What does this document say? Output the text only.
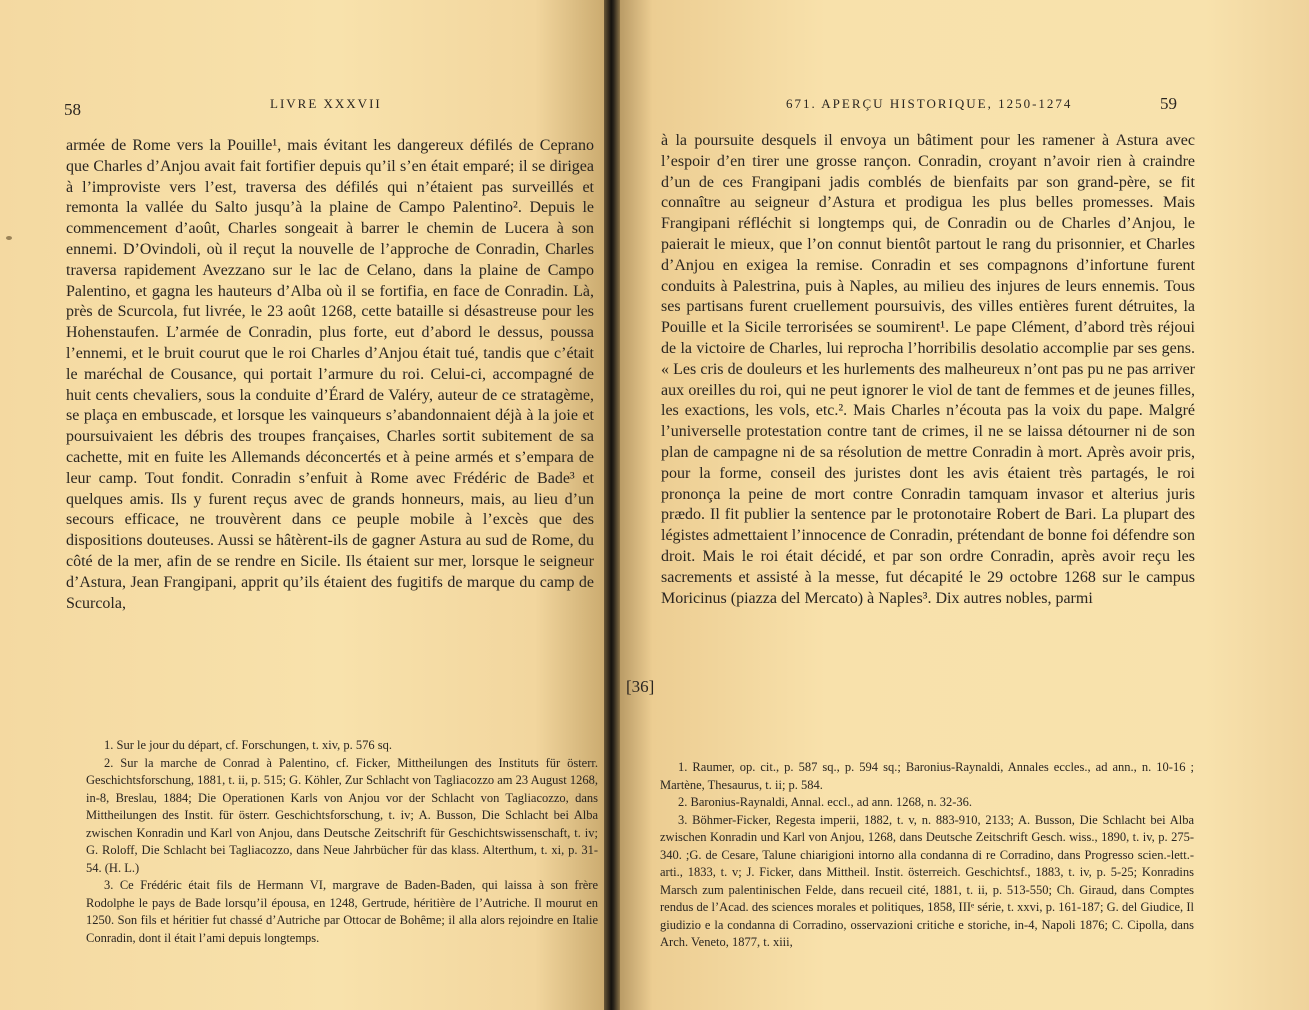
58	LIVRE XXXVII

armée de Rome vers la Pouille¹, mais évitant les dangereux défilés de Ceprano que Charles d’Anjou avait fait fortifier depuis qu’il s’en était emparé; il se dirigea à l’improviste vers l’est, traversa des défilés qui n’étaient pas surveillés et remonta la vallée du Salto jusqu’à la plaine de Campo Palentino². Depuis le commencement d’août, Charles songeait à barrer le chemin de Lucera à son ennemi. D’Ovindoli, où il reçut la nouvelle de l’approche de Conradin, Charles traversa rapidement Avezzano sur le lac de Celano, dans la plaine de Campo Palentino, et gagna les hauteurs d’Alba où il se fortifia, en face de Conradin. Là, près de Scurcola, fut livrée, le 23 août 1268, cette bataille si désastreuse pour les Hohenstaufen. L’armée de Conradin, plus forte, eut d’abord le dessus, poussa l’ennemi, et le bruit courut que le roi Charles d’Anjou était tué, tandis que c’était le maréchal de Cousance, qui portait l’armure du roi. Celui-ci, accompagné de huit cents chevaliers, sous la conduite d’Érard de Valéry, auteur de ce stratagème, se plaça en embuscade, et lorsque les vainqueurs s’abandonnaient déjà à la joie et poursuivaient les débris des troupes françaises, Charles sortit subitement de sa cachette, mit en fuite les Allemands déconcertés et à peine armés et s’empara de leur camp. Tout fondit. Conradin s’enfuit à Rome avec Frédéric de Bade³ et quelques amis. Ils y furent reçus avec de grands honneurs, mais, au lieu d’un secours efficace, ne trouvèrent dans ce peuple mobile à l’excès que des dispositions douteuses. Aussi se hâtèrent-ils de gagner Astura au sud de Rome, du côté de la mer, afin de se rendre en Sicile. Ils étaient sur mer, lorsque le seigneur d’Astura, Jean Frangipani, apprit qu’ils étaient des fugitifs de marque du camp de Scurcola,

1. Sur le jour du départ, cf. Forschungen, t. xiv, p. 576 sq.

2. Sur la marche de Conrad à Palentino, cf. Ficker, Mittheilungen des Instituts für österr. Geschichtsforschung, 1881, t. ii, p. 515; G. Köhler, Zur Schlacht von Tagliacozzo am 23 August 1268, in-8, Breslau, 1884; Die Operationen Karls von Anjou vor der Schlacht von Tagliacozzo, dans Mittheilungen des Instit. für österr. Geschichtsforschung, t. iv; A. Busson, Die Schlacht bei Alba zwischen Konradin und Karl von Anjou, dans Deutsche Zeitschrift für Geschichtswissenschaft, t. iv; G. Roloff, Die Schlacht bei Tagliacozzo, dans Neue Jahrbücher für das klass. Alterthum, t. xi, p. 31-54. (H. L.)

3. Ce Frédéric était fils de Hermann VI, margrave de Baden-Baden, qui laissa à son frère Rodolphe le pays de Bade lorsqu’il épousa, en 1248, Gertrude, héritière de l’Autriche. Il mourut en 1250. Son fils et héritier fut chassé d’Autriche par Ottocar de Bohême; il alla alors rejoindre en Italie Conradin, dont il était l’ami depuis longtemps.

671. APERÇU HISTORIQUE, 1250-1274	59

à la poursuite desquels il envoya un bâtiment pour les ramener à Astura avec l’espoir d’en tirer une grosse rançon. Conradin, croyant n’avoir rien à craindre d’un de ces Frangipani jadis comblés de bienfaits par son grand-père, se fit connaître au seigneur d’Astura et prodigua les plus belles promesses. Mais Frangipani réfléchit si longtemps qui, de Conradin ou de Charles d’Anjou, le paierait le mieux, que l’on connut bientôt partout le rang du prisonnier, et Charles d’Anjou en exigea la remise. Conradin et ses compagnons d’infortune furent conduits à Palestrina, puis à Naples, au milieu des injures de leurs ennemis. Tous ses partisans furent cruellement poursuivis, des villes entières furent détruites, la Pouille et la Sicile terrorisées se soumirent¹. Le pape Clément, d’abord très réjoui de la victoire de Charles, lui reprocha l’horribilis desolatio accomplie par ses gens. « Les cris de douleurs et les hurlements des malheureux n’ont pas pu ne pas arriver aux oreilles du roi, qui ne peut ignorer le viol de tant de femmes et de jeunes filles, les exactions, les vols, etc.². Mais Charles n’écouta pas la voix du pape. Malgré l’universelle protestation contre tant de crimes, il ne se laissa détourner ni de son plan de campagne ni de sa résolution de mettre Conradin à mort. Après avoir pris, pour la forme, conseil des juristes dont les avis étaient très partagés, le roi prononça la peine de mort contre Conradin tamquam invasor et alterius juris prædo. Il fit publier la sentence par le protonotaire Robert de Bari. La plupart des légistes admettaient l’innocence de Conradin, prétendant de bonne foi défendre son droit. Mais le roi était décidé, et par son ordre Conradin, après avoir reçu les sacrements et assisté à la messe, fut décapité le 29 octobre 1268 sur le campus Moricinus (piazza del Mercato) à Naples³. Dix autres nobles, parmi

1. Raumer, op. cit., p. 587 sq., p. 594 sq.; Baronius-Raynaldi, Annales eccles., ad ann., n. 10-16 ; Martène, Thesaurus, t. ii; p. 584.

2. Baronius-Raynaldi, Annal. eccl., ad ann. 1268, n. 32-36.

3. Böhmer-Ficker, Regesta imperii, 1882, t. v, n. 883-910, 2133; A. Busson, Die Schlacht bei Alba zwischen Konradin und Karl von Anjou, 1268, dans Deutsche Zeitschrift Gesch. wiss., 1890, t. iv, p. 275-340. ;G. de Cesare, Talune chiarigioni intorno alla condanna di re Corradino, dans Progresso scien.-lett.-arti., 1833, t. v; J. Ficker, dans Mittheil. Instit. österreich. Geschichtsf., 1883, t. iv, p. 5-25; Konradins Marsch zum palentinischen Felde, dans recueil cité, 1881, t. ii, p. 513-550; Ch. Giraud, dans Comptes rendus de l’Acad. des sciences morales et politiques, 1858, IIIᵉ série, t. xxvi, p. 161-187; G. del Giudice, Il giudizio e la condanna di Corradino, osservazioni critiche e storiche, in-4, Napoli 1876; C. Cipolla, dans Arch. Veneto, 1877, t. xiii,

[36]
